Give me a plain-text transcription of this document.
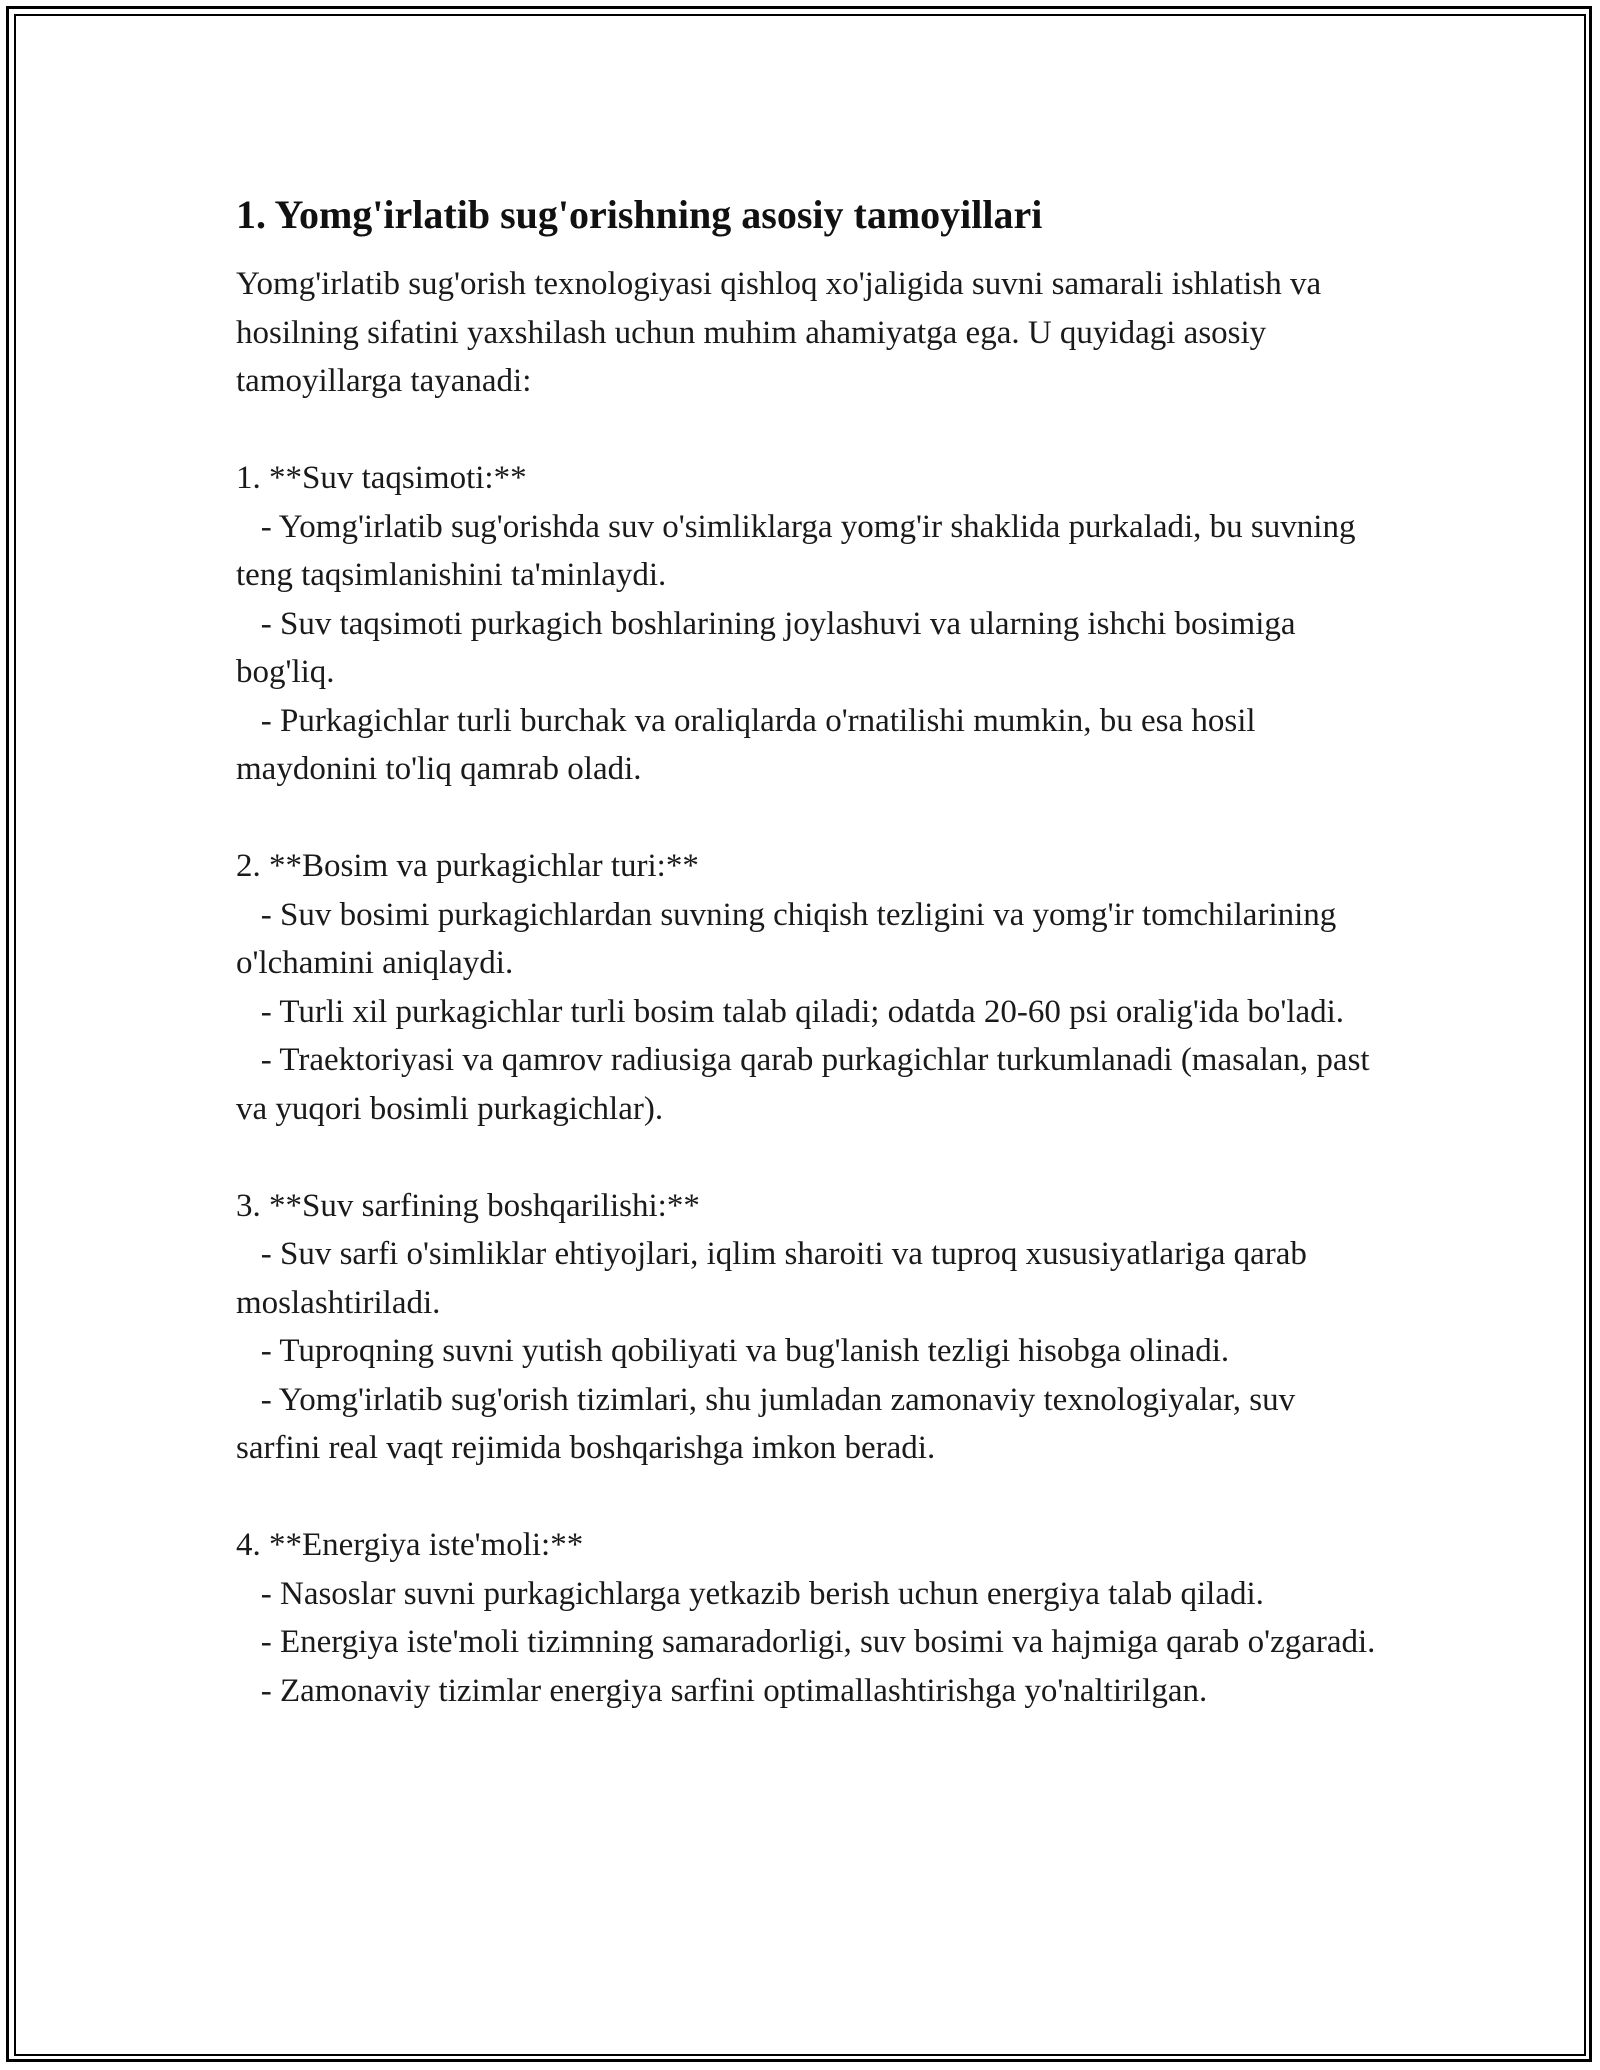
1. Yomg'irlatib sug'orishning asosiy tamoyillari
Yomg'irlatib sug'orish texnologiyasi qishloq xo'jaligida suvni samarali ishlatish va hosilning sifatini yaxshilash uchun muhim ahamiyatga ega. U quyidagi asosiy tamoyillarga tayanadi:

1. **Suv taqsimoti:**
- Yomg'irlatib sug'orishda suv o'simliklarga yomg'ir shaklida purkaladi, bu suvning teng taqsimlanishini ta'minlaydi.
- Suv taqsimoti purkagich boshlarining joylashuvi va ularning ishchi bosimiga bog'liq.
- Purkagichlar turli burchak va oraliqlarda o'rnatilishi mumkin, bu esa hosil maydonini to'liq qamrab oladi.

2. **Bosim va purkagichlar turi:**
- Suv bosimi purkagichlardan suvning chiqish tezligini va yomg'ir tomchilarining o'lchamini aniqlaydi.
- Turli xil purkagichlar turli bosim talab qiladi; odatda 20-60 psi oralig'ida bo'ladi.
- Traektoriyasi va qamrov radiusiga qarab purkagichlar turkumlanadi (masalan, past va yuqori bosimli purkagichlar).

3. **Suv sarfining boshqarilishi:**
- Suv sarfi o'simliklar ehtiyojlari, iqlim sharoiti va tuproq xususiyatlariga qarab moslashtiriladi.
- Tuproqning suvni yutish qobiliyati va bug'lanish tezligi hisobga olinadi.
- Yomg'irlatib sug'orish tizimlari, shu jumladan zamonaviy texnologiyalar, suv sarfini real vaqt rejimida boshqarishga imkon beradi.

4. **Energiya iste'moli:**
- Nasoslar suvni purkagichlarga yetkazib berish uchun energiya talab qiladi.
- Energiya iste'moli tizimning samaradorligi, suv bosimi va hajmiga qarab o'zgaradi.
- Zamonaviy tizimlar energiya sarfini optimallashtirishga yo'naltirilgan.
